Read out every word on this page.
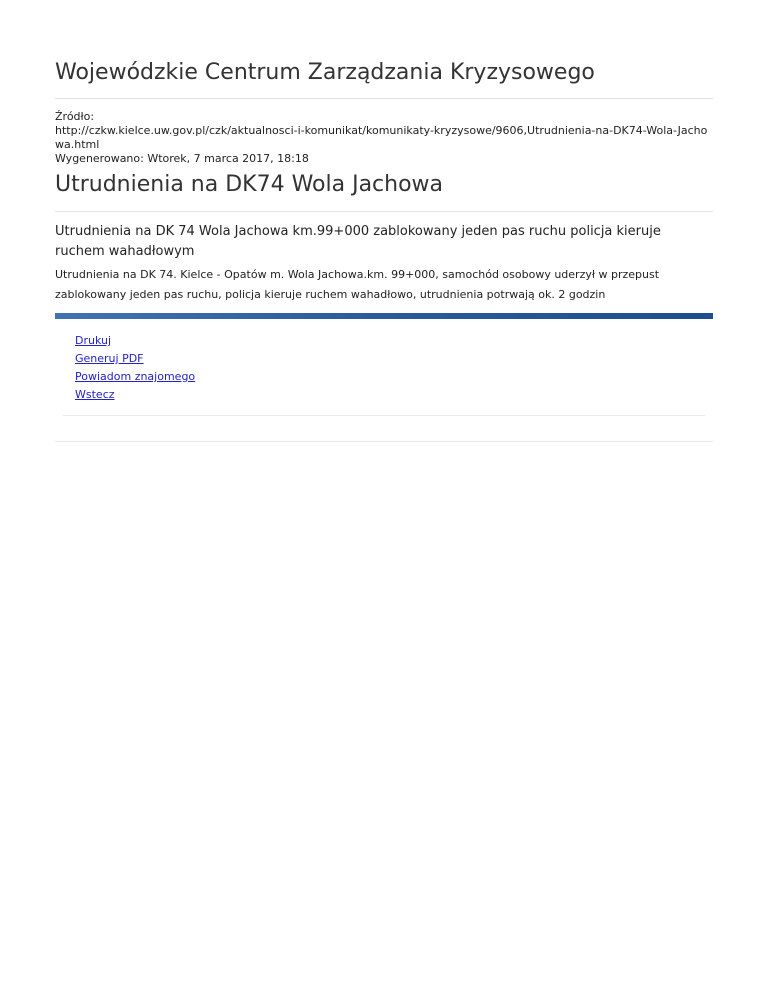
Wojewódzkie Centrum Zarządzania Kryzysowego
Źródło:
http://czkw.kielce.uw.gov.pl/czk/aktualnosci-i-komunikat/komunikaty-kryzysowe/9606,Utrudnienia-na-DK74-Wola-Jachowa.html
Wygenerowano: Wtorek, 7 marca 2017, 18:18
Utrudnienia na DK74 Wola Jachowa

Utrudnienia na DK 74 Wola Jachowa km.99+000 zablokowany jeden pas ruchu policja kieruje ruchem wahadłowym

Utrudnienia na DK 74. Kielce - Opatów m. Wola Jachowa.km. 99+000, samochód osobowy uderzył w przepust zablokowany jeden pas ruchu, policja kieruje ruchem wahadłowo, utrudnienia potrwają ok. 2 godzin

Drukuj
Generuj PDF
Powiadom znajomego
Wstecz
